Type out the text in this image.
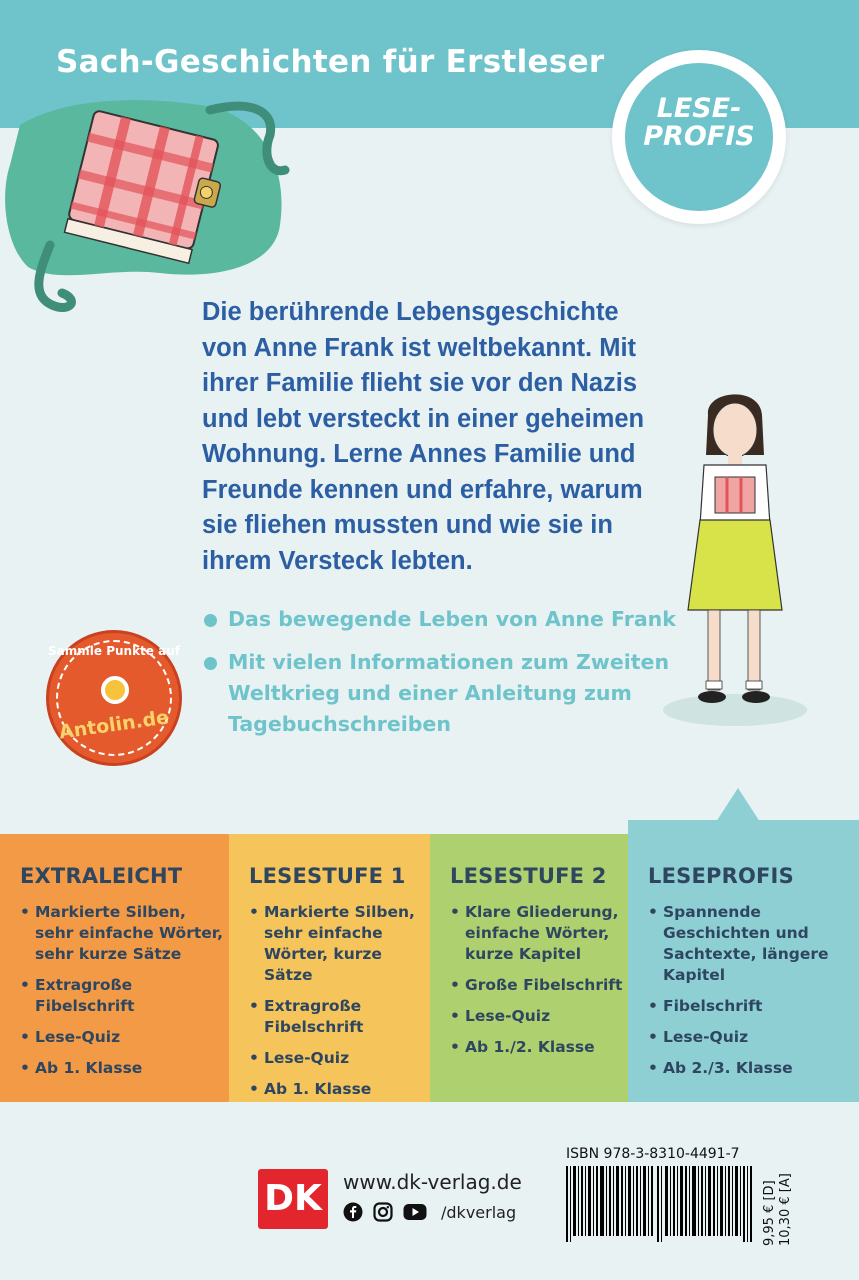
Sach-Geschichten für Erstleser
LESE-
PROFIS

Die berührende Lebensgeschichte

von Anne Frank ist weltbekannt. Mit

ihrer Familie flieht sie vor den Nazis

und lebt versteckt in einer geheimen

Wohnung. Lerne Annes Familie und

Freunde kennen und erfahre, warum

sie fliehen mussten und wie sie in

ihrem Versteck lebten.

Das bewegende Leben von Anne Frank
Mit vielen Informationen zum Zweiten Weltkrieg und einer Anleitung zum Tagebuchschreiben
Sammle Punkte auf
Antolin.de
EXTRALEICHT
• Markierte Silben, sehr einfache Wörter, sehr kurze Sätze
• Extragroße Fibelschrift
• Lese-Quiz
• Ab 1. Klasse
LESESTUFE 1
• Markierte Silben, sehr einfache Wörter, kurze Sätze
• Extragroße Fibelschrift
• Lese-Quiz
• Ab 1. Klasse
LESESTUFE 2
• Klare Gliederung, einfache Wörter, kurze Kapitel
• Große Fibelschrift
• Lese-Quiz
• Ab 1./2. Klasse
LESEPROFIS
• Spannende Geschichten und Sachtexte, längere Kapitel
• Fibelschrift
• Lese-Quiz
• Ab 2./3. Klasse
DK	www.dk-verlag.de
/dkverlag
ISBN 978-3-8310-4491-7
9,95 € [D] 10,30 € [A]
